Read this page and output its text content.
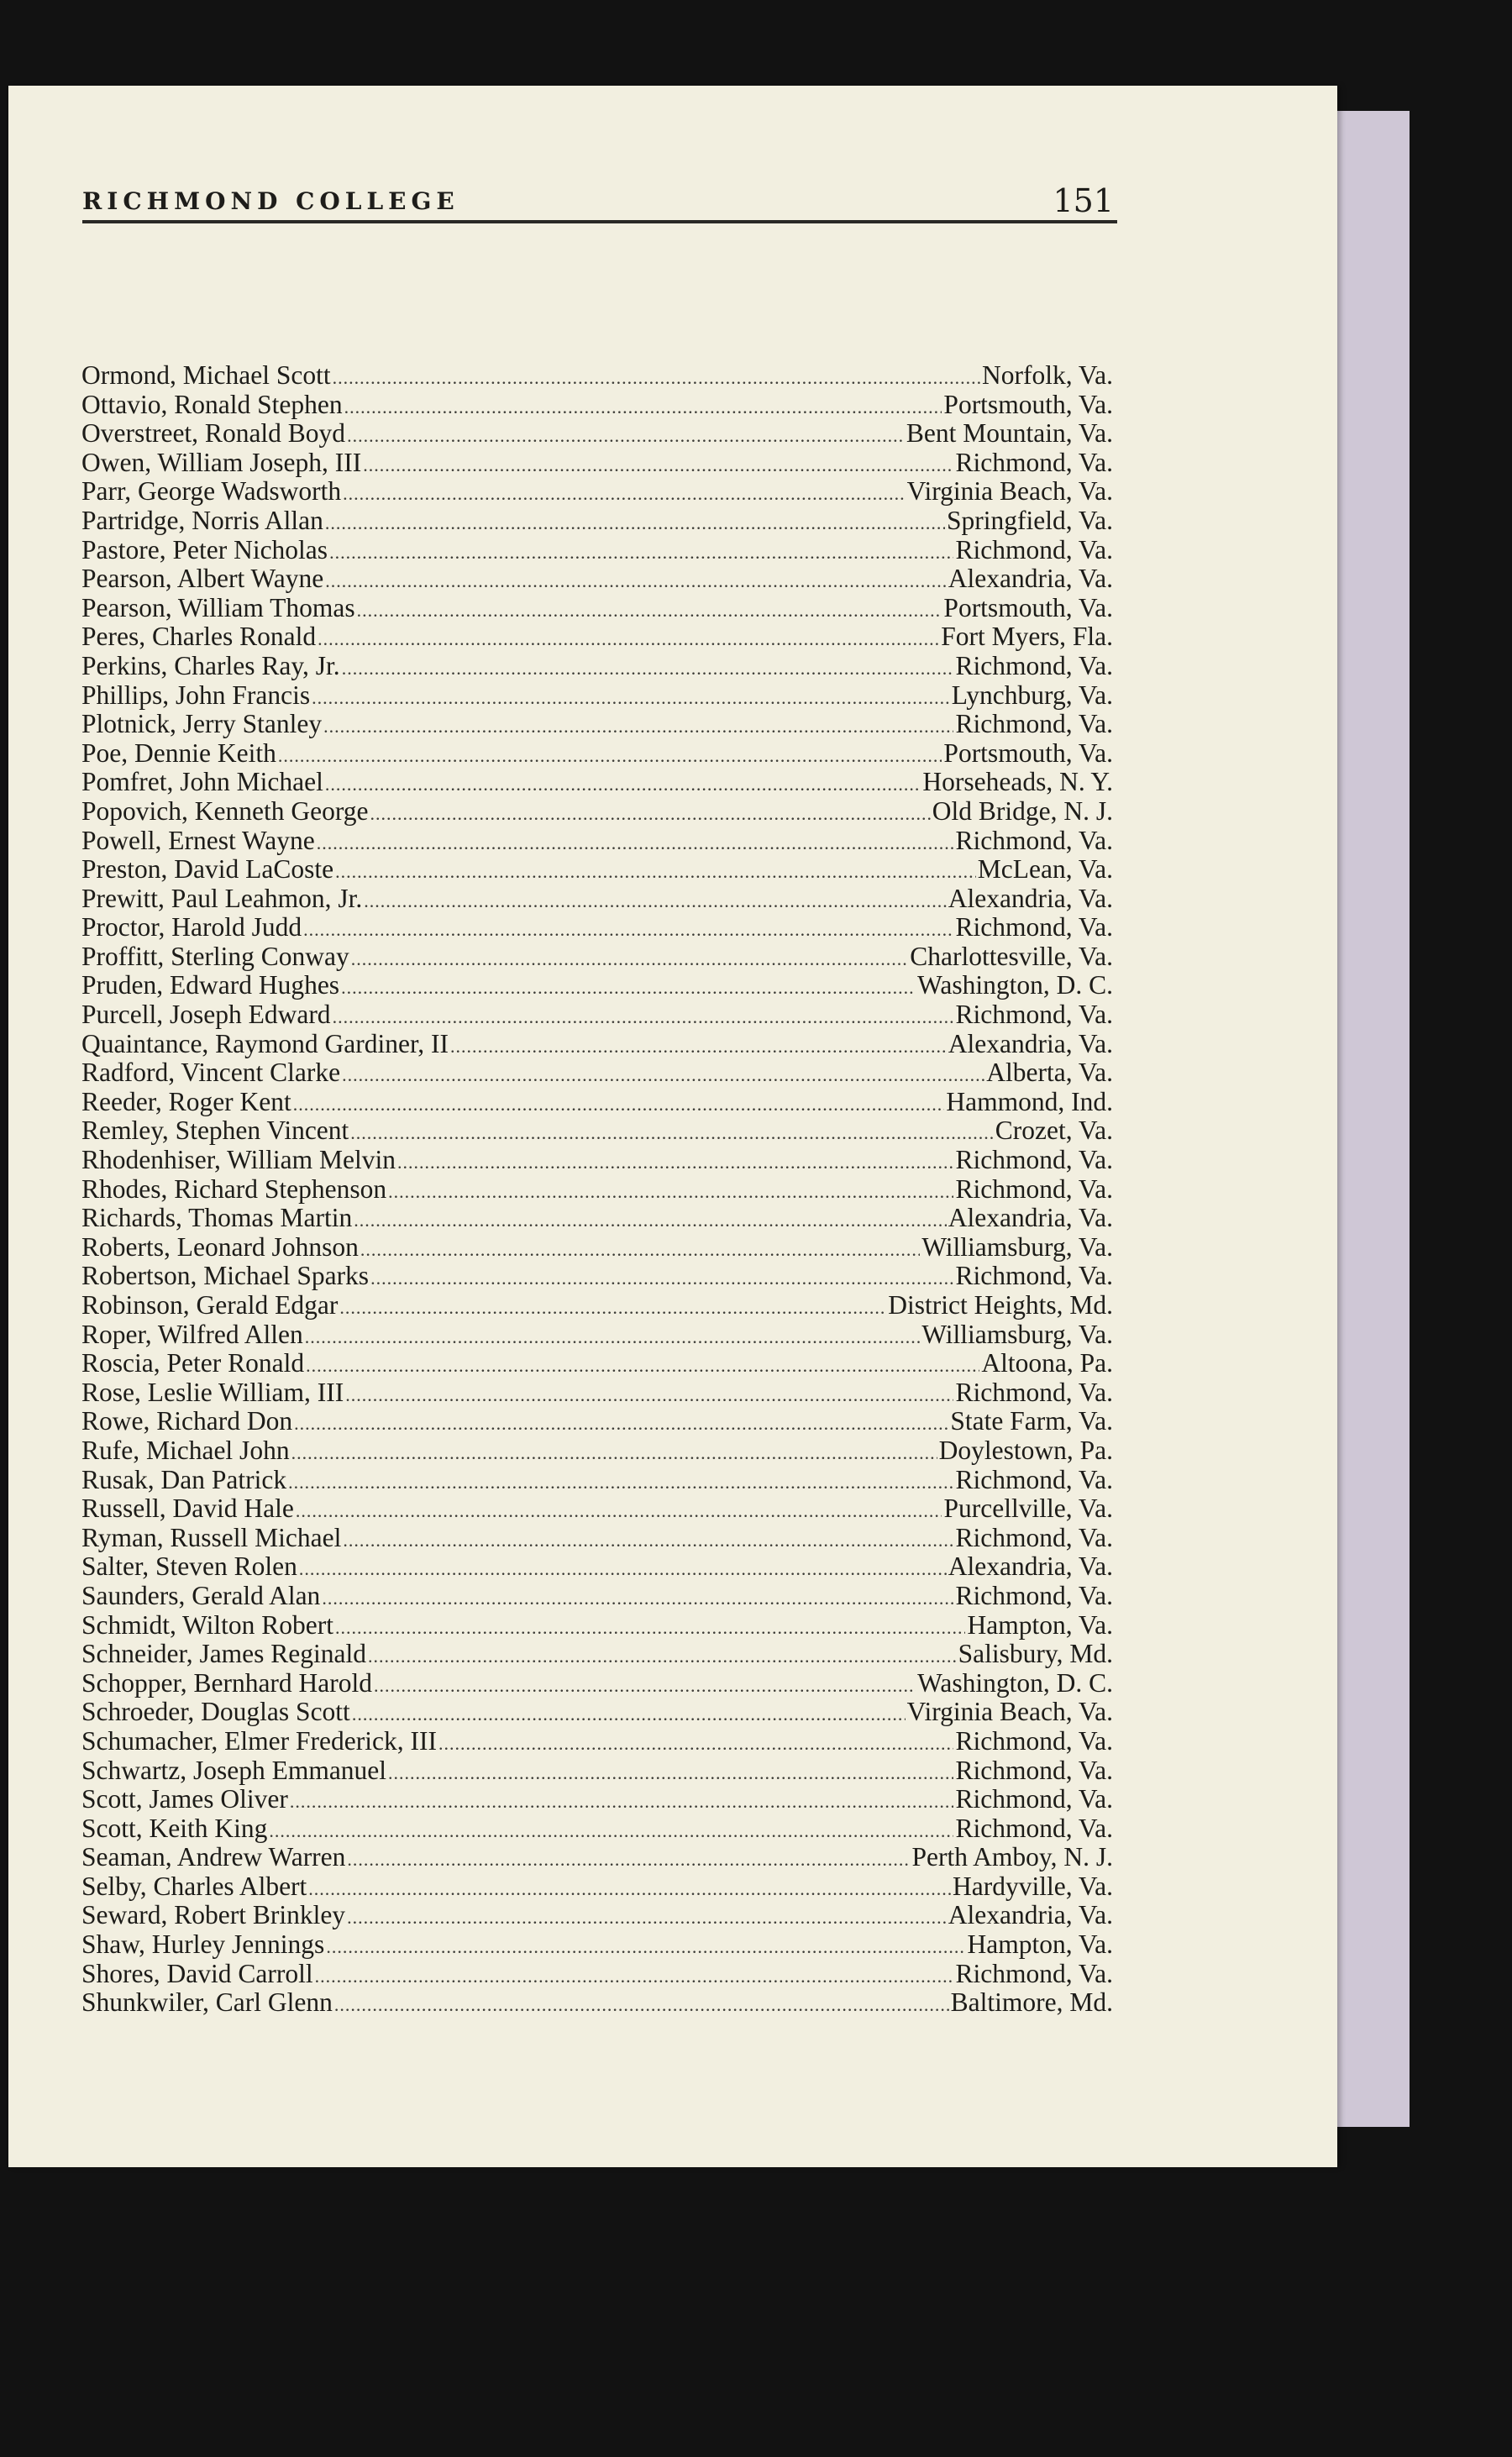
RICHMOND COLLEGE	151
Ormond, Michael Scott .....	Norfolk, Va.
Ottavio, Ronald Stephen .....	Portsmouth, Va.
Overstreet, Ronald Boyd .....	Bent Mountain, Va.
Owen, William Joseph, III .....	Richmond, Va.
Parr, George Wadsworth .....	Virginia Beach, Va.
Partridge, Norris Allan .....	Springfield, Va.
Pastore, Peter Nicholas .....	Richmond, Va.
Pearson, Albert Wayne .....	Alexandria, Va.
Pearson, William Thomas .....	Portsmouth, Va.
Peres, Charles Ronald .....	Fort Myers, Fla.
Perkins, Charles Ray, Jr. .....	Richmond, Va.
Phillips, John Francis .....	Lynchburg, Va.
Plotnick, Jerry Stanley .....	Richmond, Va.
Poe, Dennie Keith .....	Portsmouth, Va.
Pomfret, John Michael .....	Horseheads, N. Y.
Popovich, Kenneth George .....	Old Bridge, N. J.
Powell, Ernest Wayne .....	Richmond, Va.
Preston, David LaCoste .....	McLean, Va.
Prewitt, Paul Leahmon, Jr. .....	Alexandria, Va.
Proctor, Harold Judd .....	Richmond, Va.
Proffitt, Sterling Conway .....	Charlottesville, Va.
Pruden, Edward Hughes .....	Washington, D. C.
Purcell, Joseph Edward .....	Richmond, Va.
Quaintance, Raymond Gardiner, II .....	Alexandria, Va.
Radford, Vincent Clarke .....	Alberta, Va.
Reeder, Roger Kent .....	Hammond, Ind.
Remley, Stephen Vincent .....	Crozet, Va.
Rhodenhiser, William Melvin .....	Richmond, Va.
Rhodes, Richard Stephenson .....	Richmond, Va.
Richards, Thomas Martin .....	Alexandria, Va.
Roberts, Leonard Johnson .....	Williamsburg, Va.
Robertson, Michael Sparks .....	Richmond, Va.
Robinson, Gerald Edgar .....	District Heights, Md.
Roper, Wilfred Allen .....	Williamsburg, Va.
Roscia, Peter Ronald .....	Altoona, Pa.
Rose, Leslie William, III .....	Richmond, Va.
Rowe, Richard Don .....	State Farm, Va.
Rufe, Michael John .....	Doylestown, Pa.
Rusak, Dan Patrick .....	Richmond, Va.
Russell, David Hale .....	Purcellville, Va.
Ryman, Russell Michael .....	Richmond, Va.
Salter, Steven Rolen .....	Alexandria, Va.
Saunders, Gerald Alan .....	Richmond, Va.
Schmidt, Wilton Robert .....	Hampton, Va.
Schneider, James Reginald .....	Salisbury, Md.
Schopper, Bernhard Harold .....	Washington, D. C.
Schroeder, Douglas Scott .....	Virginia Beach, Va.
Schumacher, Elmer Frederick, III .....	Richmond, Va.
Schwartz, Joseph Emmanuel .....	Richmond, Va.
Scott, James Oliver .....	Richmond, Va.
Scott, Keith King .....	Richmond, Va.
Seaman, Andrew Warren .....	Perth Amboy, N. J.
Selby, Charles Albert .....	Hardyville, Va.
Seward, Robert Brinkley .....	Alexandria, Va.
Shaw, Hurley Jennings .....	Hampton, Va.
Shores, David Carroll .....	Richmond, Va.
Shunkwiler, Carl Glenn .....	Baltimore, Md.
